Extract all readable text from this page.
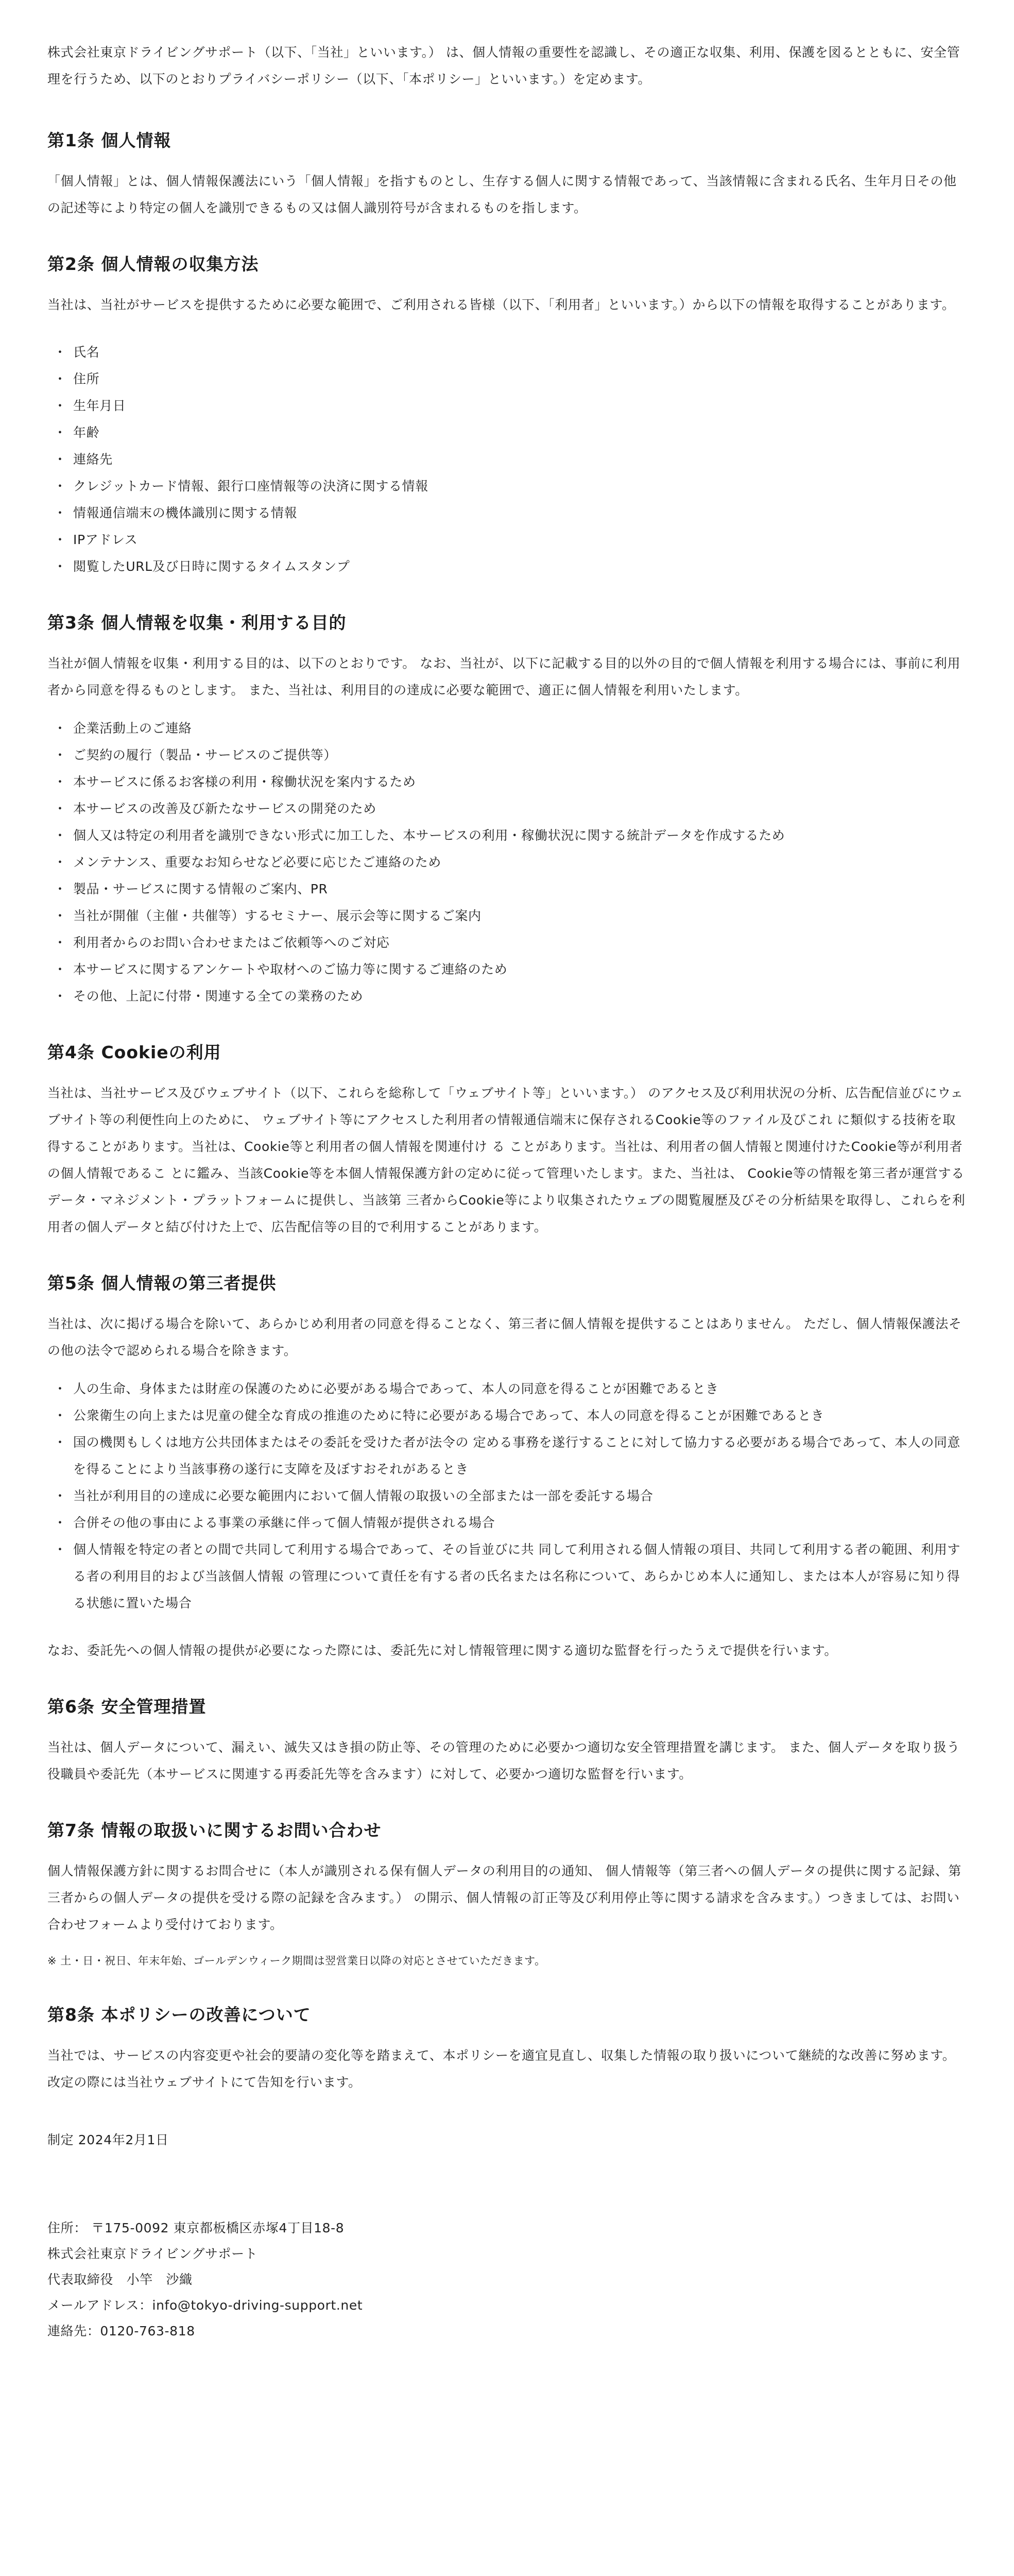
株式会社東京ドライビングサポート（以下、「当社」といいます。） は、個人情報の重要性を認識し、その適正な収集、利用、保護を図るとともに、安全管理を行うため、以下のとおりプライバシーポリシー（以下、「本ポリシー」といいます。）を定めます。

第1条 個人情報

「個人情報」とは、個人情報保護法にいう「個人情報」を指すものとし、生存する個人に関する情報であって、当該情報に含まれる氏名、生年月日その他の記述等により特定の個人を識別できるもの又は個人識別符号が含まれるものを指します。

第2条 個人情報の収集方法

当社は、当社がサービスを提供するために必要な範囲で、ご利用される皆様（以下、「利用者」といいます。）から以下の情報を取得することがあります。

・ 氏名
・ 住所
・ 生年月日
・ 年齢
・ 連絡先
・ クレジットカード情報、銀行口座情報等の決済に関する情報
・ 情報通信端末の機体識別に関する情報
・ IPアドレス
・ 閲覧したURL及び日時に関するタイムスタンプ
第3条 個人情報を収集・利用する目的

当社が個人情報を収集・利用する目的は、以下のとおりです。 なお、当社が、以下に記載する目的以外の目的で個人情報を利用する場合には、事前に利用者から同意を得るものとします。 また、当社は、利用目的の達成に必要な範囲で、適正に個人情報を利用いたします。

・ 企業活動上のご連絡
・ ご契約の履行（製品・サービスのご提供等）
・ 本サービスに係るお客様の利用・稼働状況を案内するため
・ 本サービスの改善及び新たなサービスの開発のため
・ 個人又は特定の利用者を識別できない形式に加工した、本サービスの利用・稼働状況に関する統計データを作成するため
・ メンテナンス、重要なお知らせなど必要に応じたご連絡のため
・ 製品・サービスに関する情報のご案内、PR
・ 当社が開催（主催・共催等）するセミナー、展示会等に関するご案内
・ 利用者からのお問い合わせまたはご依頼等へのご対応
・ 本サービスに関するアンケートや取材へのご協力等に関するご連絡のため
・ その他、上記に付帯・関連する全ての業務のため
第4条 Cookieの利用

当社は、当社サービス及びウェブサイト（以下、これらを総称して「ウェブサイト等」といいます。） のアクセス及び利用状況の分析、広告配信並びにウェブサイト等の利便性向上のために、 ウェブサイト等にアクセスした利用者の情報通信端末に保存されるCookie等のファイル及びこれ に類似する技術を取得することがあります。当社は、Cookie等と利用者の個人情報を関連付け る ことがあります。当社は、利用者の個人情報と関連付けたCookie等が利用者の個人情報であるこ とに鑑み、当該Cookie等を本個人情報保護方針の定めに従って管理いたします。また、当社は、 Cookie等の情報を第三者が運営するデータ・マネジメント・プラットフォームに提供し、当該第 三者からCookie等により収集されたウェブの閲覧履歴及びその分析結果を取得し、これらを利 用者の個人データと結び付けた上で、広告配信等の目的で利用することがあります。

第5条 個人情報の第三者提供

当社は、次に掲げる場合を除いて、あらかじめ利用者の同意を得ることなく、第三者に個人情報を提供することはありません。 ただし、個人情報保護法その他の法令で認められる場合を除きます。

・ 人の生命、身体または財産の保護のために必要がある場合であって、本人の同意を得ることが困難であるとき
・ 公衆衛生の向上または児童の健全な育成の推進のために特に必要がある場合であって、本人の同意を得ることが困難であるとき
・ 国の機関もしくは地方公共団体またはその委託を受けた者が法令の 定める事務を遂行することに対して協力する必要がある場合であって、本人の同意を得ることにより当該事務の遂行に支障を及ぼすおそれがあるとき
・ 当社が利用目的の達成に必要な範囲内において個人情報の取扱いの全部または一部を委託する場合
・ 合併その他の事由による事業の承継に伴って個人情報が提供される場合
・ 個人情報を特定の者との間で共同して利用する場合であって、その旨並びに共 同して利用される個人情報の項目、共同して利用する者の範囲、利用する者の利用目的および当該個人情報 の管理について責任を有する者の氏名または名称について、あらかじめ本人に通知し、または本人が容易に知り得る状態に置いた場合

なお、委託先への個人情報の提供が必要になった際には、委託先に対し情報管理に関する適切な監督を行ったうえで提供を行います。

第6条 安全管理措置

当社は、個人データについて、漏えい、滅失又はき損の防止等、その管理のために必要かつ適切な安全管理措置を講じます。 また、個人データを取り扱う役職員や委託先（本サービスに関連する再委託先等を含みます）に対して、必要かつ適切な監督を行います。

第7条 情報の取扱いに関するお問い合わせ

個人情報保護方針に関するお問合せに（本人が識別される保有個人データの利用目的の通知、 個人情報等（第三者への個人データの提供に関する記録、第三者からの個人データの提供を受ける際の記録を含みます。） の開示、個人情報の訂正等及び利用停止等に関する請求を含みます。）つきましては、お問い合わせフォームより受付けております。

※ 土・日・祝日、年末年始、ゴールデンウィーク期間は翌営業日以降の対応とさせていただきます。

第8条 本ポリシーの改善について

当社では、サービスの内容変更や社会的要請の変化等を踏まえて、本ポリシーを適宜見直し、収集した情報の取り扱いについて継続的な改善に努めます。改定の際には当社ウェブサイトにて告知を行います。

制定 2024年2月1日

住所： 〒175-0092 東京都板橋区赤塚4丁目18-8
株式会社東京ドライビングサポート
代表取締役　小竿　沙織
メールアドレス：info@tokyo-driving-support.net
連絡先：0120-763-818
